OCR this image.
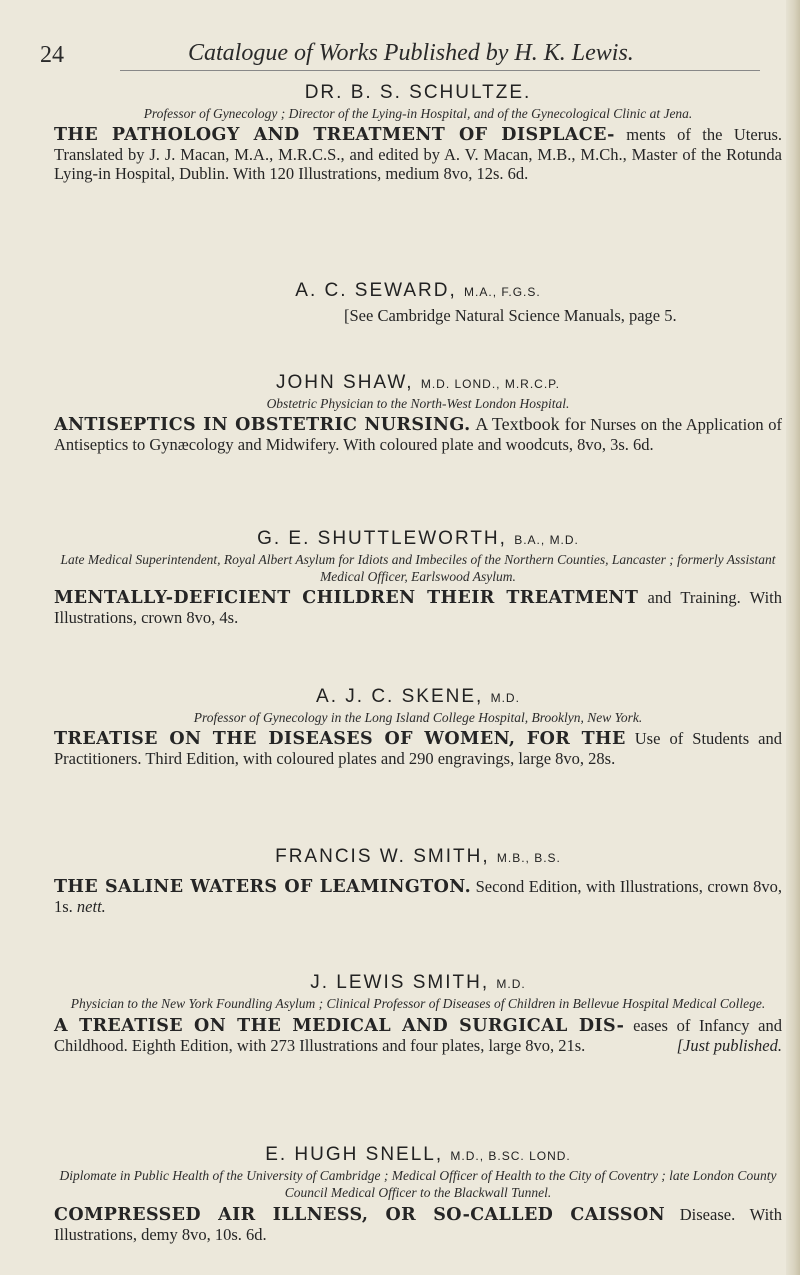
24	Catalogue of Works Published by H. K. Lewis.
DR. B. S. SCHULTZE.
Professor of Gynecology ; Director of the Lying-in Hospital, and of the Gynecological Clinic at Jena.
THE PATHOLOGY AND TREATMENT OF DISPLACE- ments of the Uterus. Translated by J. J. Macan, M.A., M.R.C.S., and edited by A. V. Macan, M.B., M.Ch., Master of the Rotunda Lying-in Hospital, Dublin. With 120 Illustrations, medium 8vo, 12s. 6d.
A. C. SEWARD, M.A., F.G.S.
[See Cambridge Natural Science Manuals, page 5.
JOHN SHAW, M.D. LOND., M.R.C.P.
Obstetric Physician to the North-West London Hospital.
ANTISEPTICS IN OBSTETRIC NURSING. A Textbook for Nurses on the Application of Antiseptics to Gynæcology and Midwifery. With coloured plate and woodcuts, 8vo, 3s. 6d.
G. E. SHUTTLEWORTH, B.A., M.D.
Late Medical Superintendent, Royal Albert Asylum for Idiots and Imbeciles of the Northern Counties, Lancaster ; formerly Assistant Medical Officer, Earlswood Asylum.
MENTALLY-DEFICIENT CHILDREN THEIR TREATMENT and Training. With Illustrations, crown 8vo, 4s.
A. J. C. SKENE, M.D.
Professor of Gynecology in the Long Island College Hospital, Brooklyn, New York.
TREATISE ON THE DISEASES OF WOMEN, FOR THE Use of Students and Practitioners. Third Edition, with coloured plates and 290 engravings, large 8vo, 28s.
FRANCIS W. SMITH, M.B., B.S.
THE SALINE WATERS OF LEAMINGTON. Second Edition, with Illustrations, crown 8vo, 1s. nett.
J. LEWIS SMITH, M.D.
Physician to the New York Foundling Asylum ; Clinical Professor of Diseases of Children in Bellevue Hospital Medical College.
A TREATISE ON THE MEDICAL AND SURGICAL DIS- eases of Infancy and Childhood. Eighth Edition, with 273 Illustrations and four plates, large 8vo, 21s.	[Just published.
E. HUGH SNELL, M.D., B.SC. LOND.
Diplomate in Public Health of the University of Cambridge ; Medical Officer of Health to the City of Coventry ; late London County Council Medical Officer to the Blackwall Tunnel.
COMPRESSED AIR ILLNESS, OR SO-CALLED CAISSON Disease. With Illustrations, demy 8vo, 10s. 6d.
